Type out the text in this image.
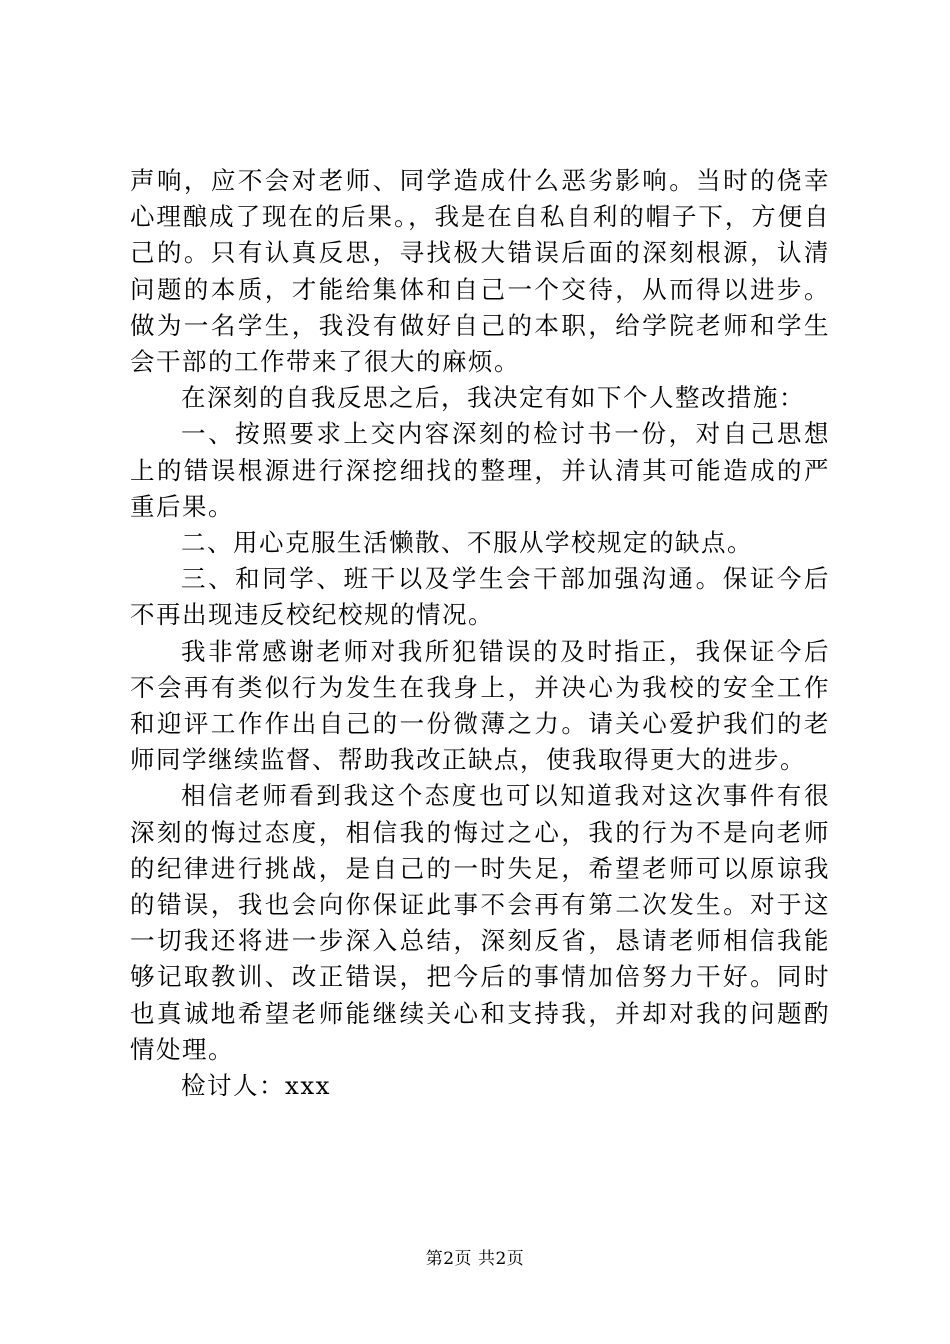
声响，应不会对老师、同学造成什么恶劣影响。当时的侥幸心理酿成了现在的后果。，我是在自私自利的帽子下，方便自己的。只有认真反思，寻找极大错误后面的深刻根源，认清问题的本质，才能给集体和自己一个交待，从而得以进步。做为一名学生，我没有做好自己的本职，给学院老师和学生会干部的工作带来了很大的麻烦。

在深刻的自我反思之后，我决定有如下个人整改措施：

一、按照要求上交内容深刻的检讨书一份，对自己思想上的错误根源进行深挖细找的整理，并认清其可能造成的严重后果。

二、用心克服生活懒散、不服从学校规定的缺点。

三、和同学、班干以及学生会干部加强沟通。保证今后不再出现违反校纪校规的情况。

我非常感谢老师对我所犯错误的及时指正，我保证今后不会再有类似行为发生在我身上，并决心为我校的安全工作和迎评工作作出自己的一份微薄之力。请关心爱护我们的老师同学继续监督、帮助我改正缺点，使我取得更大的进步。

相信老师看到我这个态度也可以知道我对这次事件有很深刻的悔过态度，相信我的悔过之心，我的行为不是向老师的纪律进行挑战，是自己的一时失足，希望老师可以原谅我的错误，我也会向你保证此事不会再有第二次发生。对于这一切我还将进一步深入总结，深刻反省，恳请老师相信我能够记取教训、改正错误，把今后的事情加倍努力干好。同时也真诚地希望老师能继续关心和支持我，并却对我的问题酌情处理。

检讨人：xxx

第2页 共2页
